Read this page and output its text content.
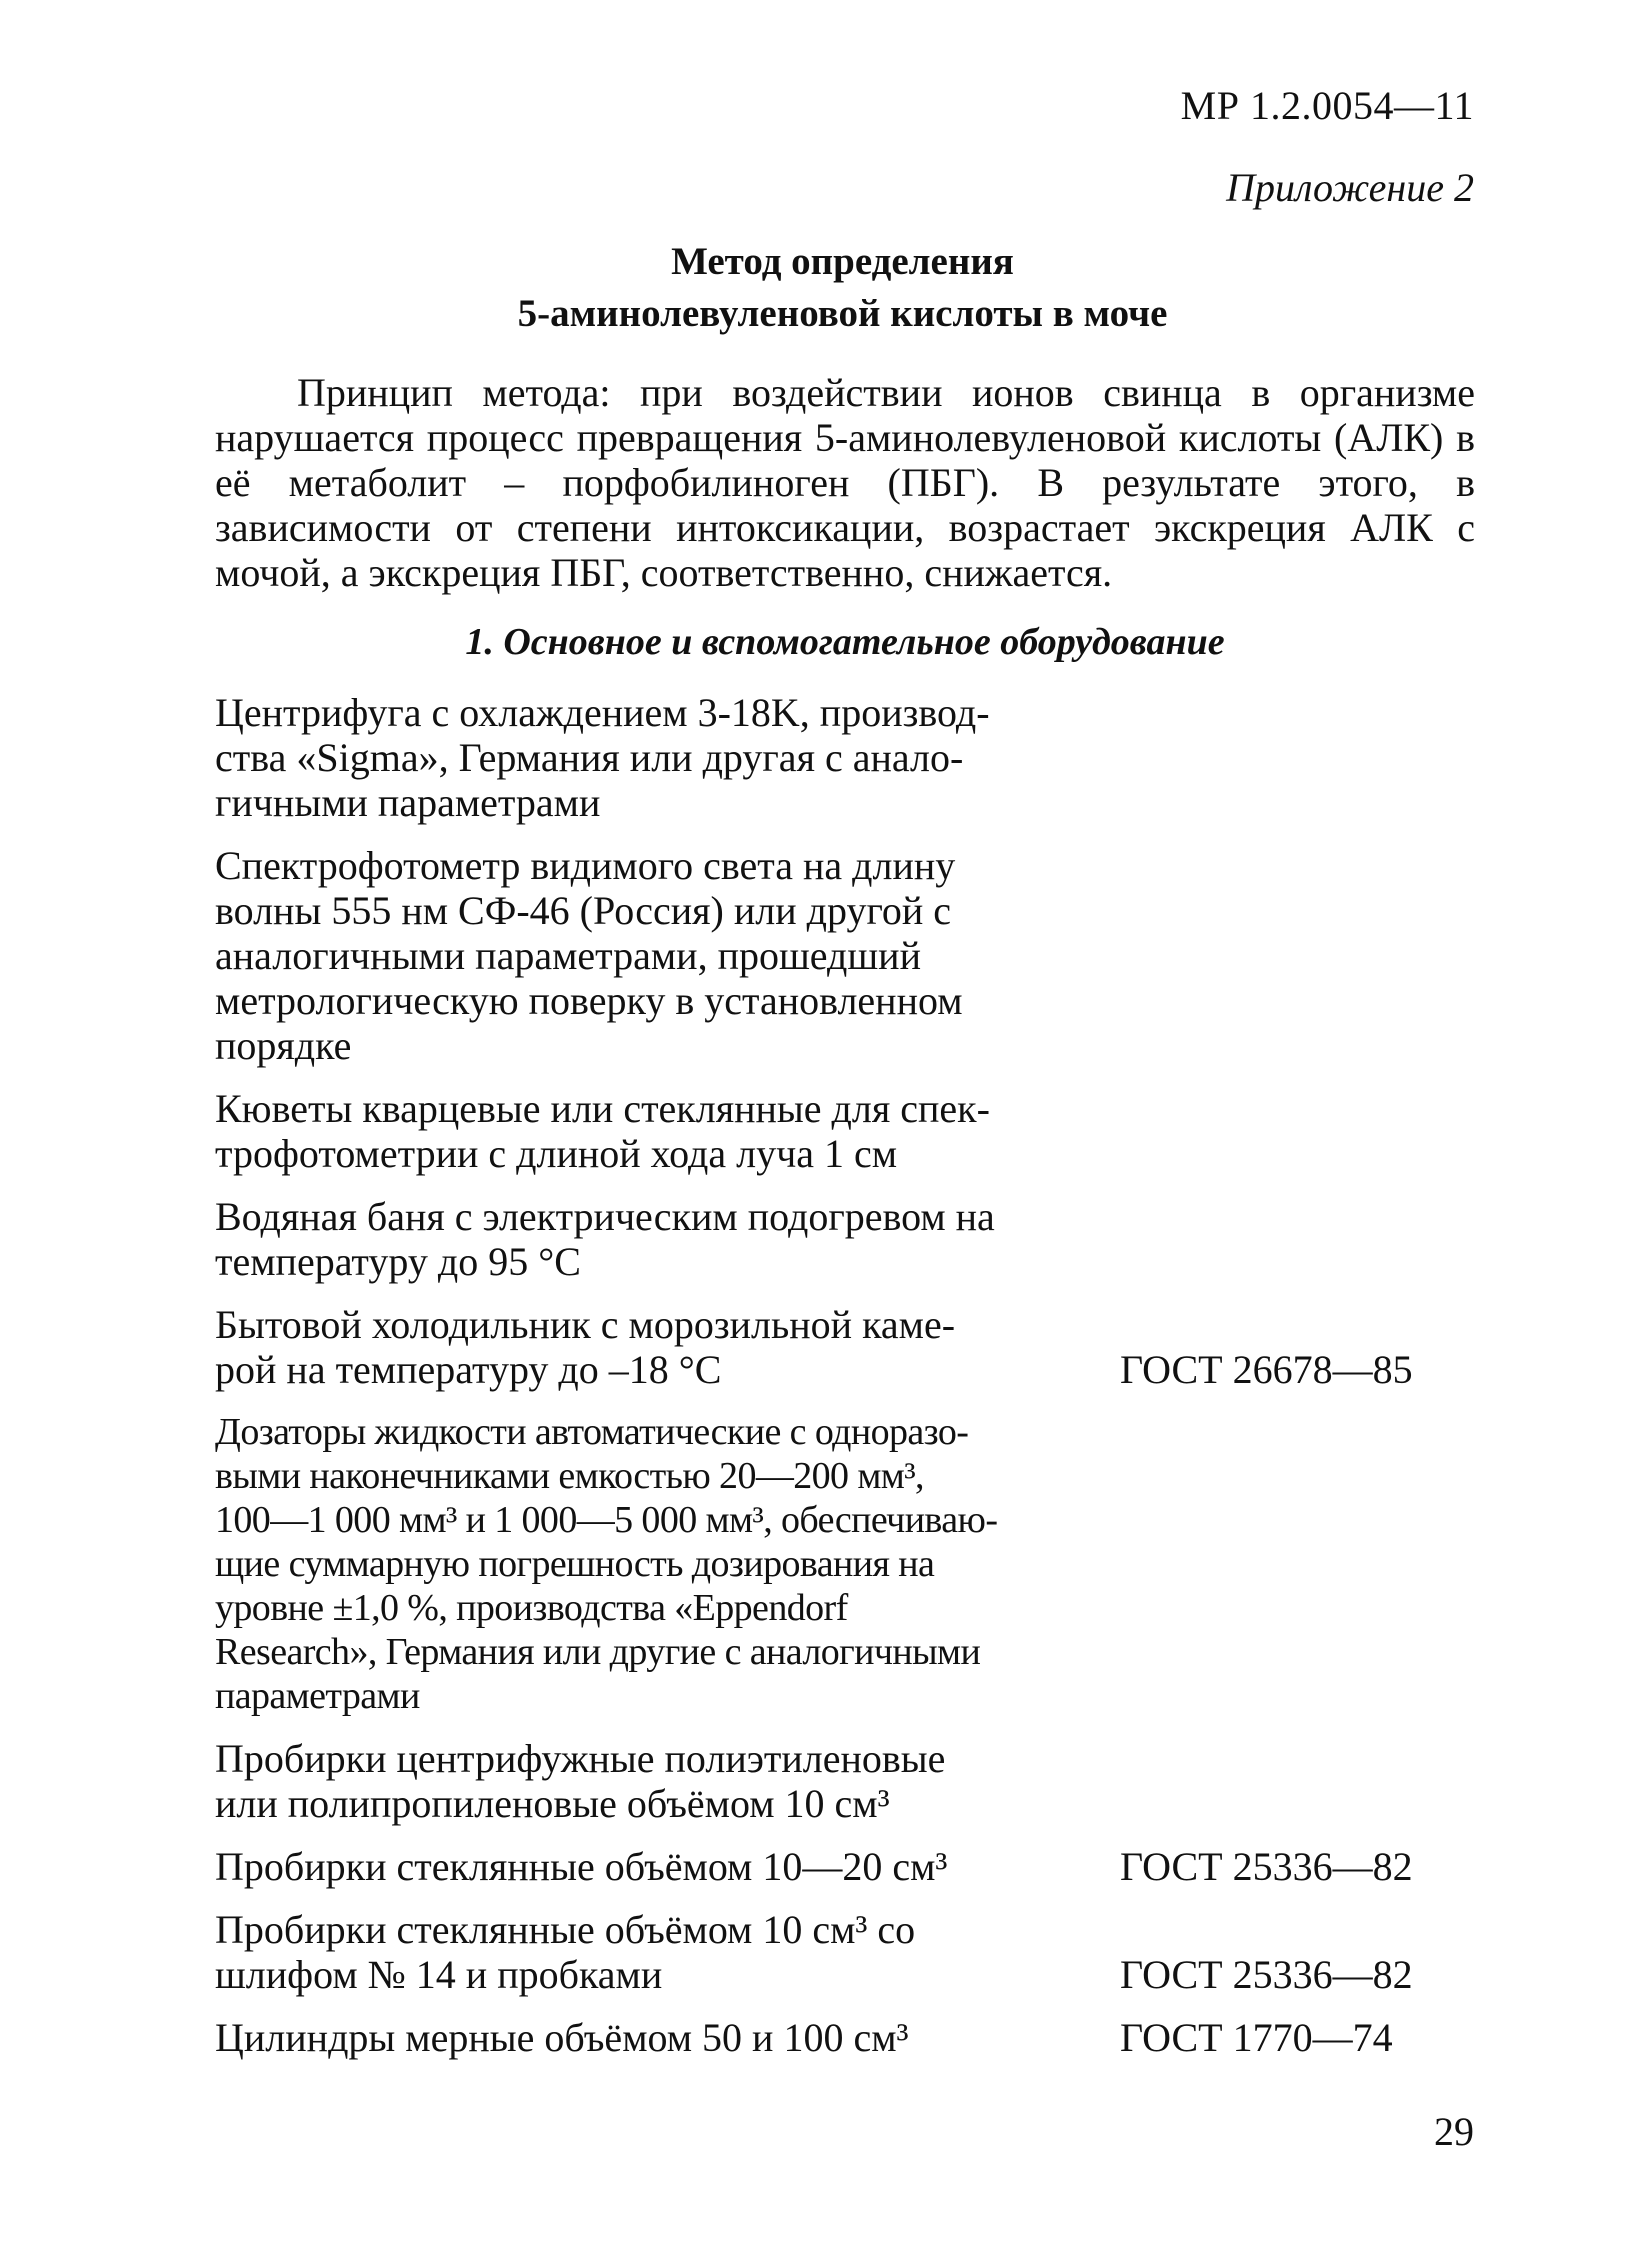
МР 1.2.0054—11
Приложение 2
Метод определения
5-аминолевуленовой кислоты в моче
Принцип метода: при воздействии ионов свинца в организме нарушается процесс превращения 5-аминолевуленовой кислоты (АЛК) в её метаболит – порфобилиноген (ПБГ). В результате этого, в зависимости от степени интоксикации, возрастает экскреция АЛК с мочой, а экскреция ПБГ, соответственно, снижается.
1. Основное и вспомогательное оборудование
Центрифуга с охлаждением 3-18K, производ-
ства «Sigma», Германия или другая с анало-
гичными параметрами
Спектрофотометр видимого света на длину
волны 555 нм СФ-46 (Россия) или другой с
аналогичными параметрами, прошедший
метрологическую поверку в установленном
порядке
Кюветы кварцевые или стеклянные для спек-
трофотометрии с длиной хода луча 1 см
Водяная баня с электрическим подогревом на
температуру до 95 °С
Бытовой холодильник с морозильной каме-
рой на температуру до –18 °С	ГОСТ 26678—85
Дозаторы жидкости автоматические с одноразо-
выми наконечниками емкостью 20—200 мм³,
100—1 000 мм³ и 1 000—5 000 мм³, обеспечиваю-
щие суммарную погрешность дозирования на
уровне ±1,0 %, производства «Eppendorf
Research», Германия или другие с аналогичными
параметрами
Пробирки центрифужные полиэтиленовые
или полипропиленовые объёмом 10 см³
Пробирки стеклянные объёмом 10—20 см³	ГОСТ 25336—82
Пробирки стеклянные объёмом 10 см³ со
шлифом № 14 и пробками	ГОСТ 25336—82
Цилиндры мерные объёмом 50 и 100 см³	ГОСТ 1770—74
29
